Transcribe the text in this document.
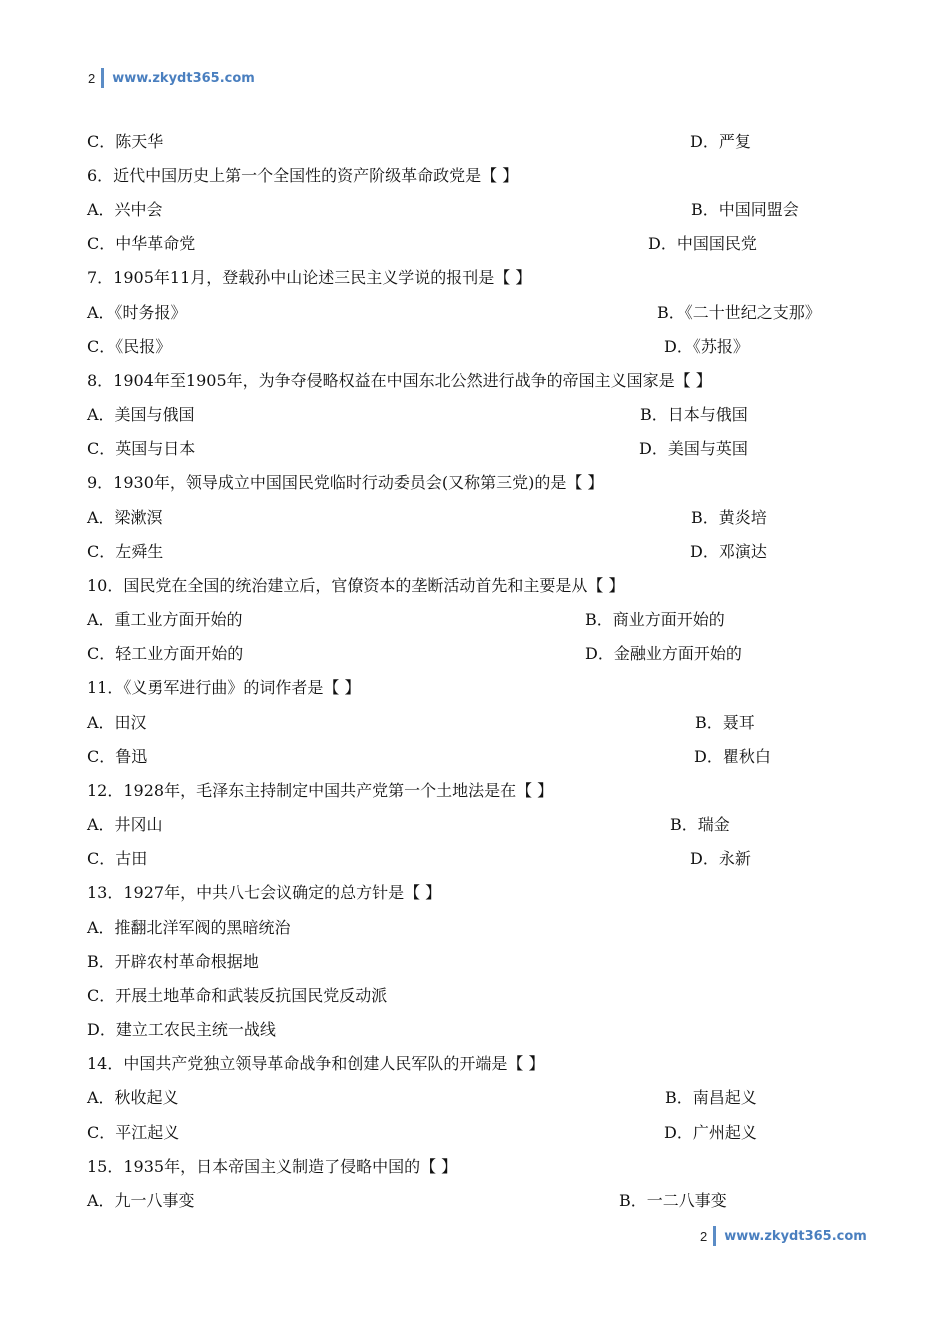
2 www.zkydt365.com
C．陈天华	D．严复
6．近代中国历史上第一个全国性的资产阶级革命政党是【 】
A．兴中会	B．中国同盟会
C．中华革命党	D．中国国民党
7．1905年11月，登载孙中山论述三民主义学说的报刊是【 】
A．《时务报》	B．《二十世纪之支那》
C．《民报》	D．《苏报》
8．1904年至1905年，为争夺侵略权益在中国东北公然进行战争的帝国主义国家是【 】
A．美国与俄国	B．日本与俄国
C．英国与日本	D．美国与英国
9．1930年，领导成立中国国民党临时行动委员会(又称第三党)的是【 】
A．梁漱溟	B．黄炎培
C．左舜生	D．邓演达
10．国民党在全国的统治建立后，官僚资本的垄断活动首先和主要是从【 】
A．重工业方面开始的	B．商业方面开始的
C．轻工业方面开始的	D．金融业方面开始的
11．《义勇军进行曲》的词作者是【 】
A．田汉	B．聂耳
C．鲁迅	D．瞿秋白
12．1928年，毛泽东主持制定中国共产党第一个土地法是在【 】
A．井冈山	B．瑞金
C．古田	D．永新
13．1927年，中共八七会议确定的总方针是【 】
A．推翻北洋军阀的黑暗统治
B．开辟农村革命根据地
C．开展土地革命和武装反抗国民党反动派
D．建立工农民主统一战线
14．中国共产党独立领导革命战争和创建人民军队的开端是【 】
A．秋收起义	B．南昌起义
C．平江起义	D．广州起义
15．1935年，日本帝国主义制造了侵略中国的【 】
A．九一八事变	B．一二八事变
2 www.zkydt365.com
